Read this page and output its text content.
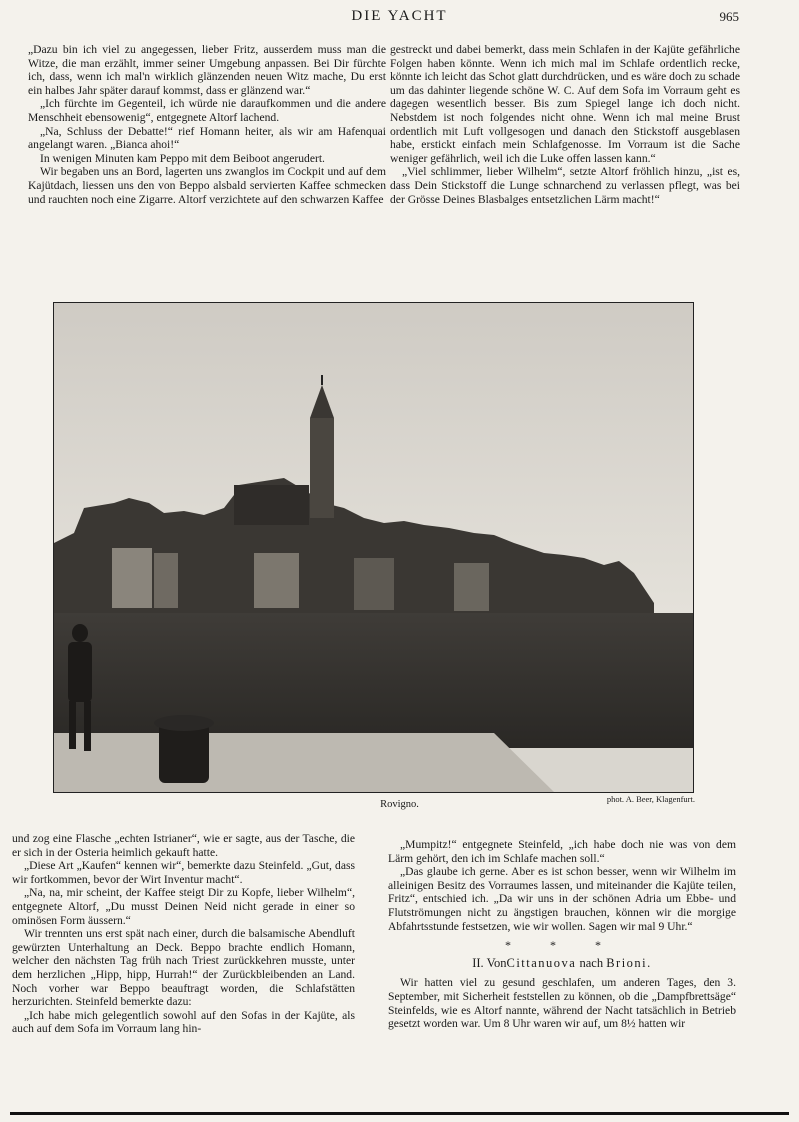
DIE YACHT	965

„Dazu bin ich viel zu angegessen, lieber Fritz, ausserdem muss man die Witze, die man erzählt, immer seiner Umgebung anpassen. Bei Dir fürchte ich, dass, wenn ich mal'n wirklich glänzenden neuen Witz mache, Du erst ein halbes Jahr später darauf kommst, dass er glänzend war.“

„Ich fürchte im Gegenteil, ich würde nie daraufkommen und die andere Menschheit ebensowenig“, entgegnete Altorf lachend.

„Na, Schluss der Debatte!“ rief Homann heiter, als wir am Hafenquai angelangt waren. „Bianca ahoi!“

In wenigen Minuten kam Peppo mit dem Beiboot angerudert.

Wir begaben uns an Bord, lagerten uns zwanglos im Cockpit und auf dem Kajütdach, liessen uns den von Beppo alsbald servierten Kaffee schmecken und rauchten noch eine Zigarre. Altorf verzichtete auf den schwarzen Kaffee

gestreckt und dabei bemerkt, dass mein Schlafen in der Kajüte gefährliche Folgen haben könnte. Wenn ich mich mal im Schlafe ordentlich recke, könnte ich leicht das Schot glatt durchdrücken, und es wäre doch zu schade um das dahinter liegende schöne W. C. Auf dem Sofa im Vorraum geht es dagegen wesentlich besser. Bis zum Spiegel lange ich doch nicht. Nebstdem ist noch folgendes nicht ohne. Wenn ich mal meine Brust ordentlich mit Luft vollgesogen und danach den Stickstoff ausgeblasen habe, erstickt einfach mein Schlafgenosse. Im Vorraum ist die Sache weniger gefährlich, weil ich die Luke offen lassen kann.“

„Viel schlimmer, lieber Wilhelm“, setzte Altorf fröhlich hinzu, „ist es, dass Dein Stickstoff die Lunge schnarchend zu verlassen pflegt, was bei der Grösse Deines Blasbalges entsetzlichen Lärm macht!“

phot. A. Beer, Klagenfurt.
Rovigno.

und zog eine Flasche „echten Istrianer“, wie er sagte, aus der Tasche, die er sich in der Osteria heimlich gekauft hatte.

„Diese Art „Kaufen“ kennen wir“, bemerkte dazu Steinfeld. „Gut, dass wir fortkommen, bevor der Wirt Inventur macht“.

„Na, na, mir scheint, der Kaffee steigt Dir zu Kopfe, lieber Wilhelm“, entgegnete Altorf, „Du musst Deinen Neid nicht gerade in einer so ominösen Form äussern.“

Wir trennten uns erst spät nach einer, durch die balsamische Abendluft gewürzten Unterhaltung an Deck. Beppo brachte endlich Homann, welcher den nächsten Tag früh nach Triest zurückkehren musste, unter dem herzlichen „Hipp, hipp, Hurrah!“ der Zurückbleibenden an Land. Noch vorher war Beppo beauftragt worden, die Schlafstätten herzurichten. Steinfeld bemerkte dazu:

„Ich habe mich gelegentlich sowohl auf den Sofas in der Kajüte, als auch auf dem Sofa im Vorraum lang hin-

„Mumpitz!“ entgegnete Steinfeld, „ich habe doch nie was von dem Lärm gehört, den ich im Schlafe machen soll.“

„Das glaube ich gerne. Aber es ist schon besser, wenn wir Wilhelm im alleinigen Besitz des Vorraumes lassen, und miteinander die Kajüte teilen, Fritz“, entschied ich. „Da wir uns in der schönen Adria um Ebbe- und Flutströmungen nicht zu ängstigen brauchen, können wir die morgige Abfahrtsstunde festsetzen, wie wir wollen. Sagen wir mal 9 Uhr.“

* * *
II. VonCittanuova nach Brioni.

Wir hatten viel zu gesund geschlafen, um anderen Tages, den 3. September, mit Sicherheit feststellen zu können, ob die „Dampfbrettsäge“ Steinfelds, wie es Altorf nannte, während der Nacht tatsächlich in Betrieb gesetzt worden war. Um 8 Uhr waren wir auf, um 8½ hatten wir
